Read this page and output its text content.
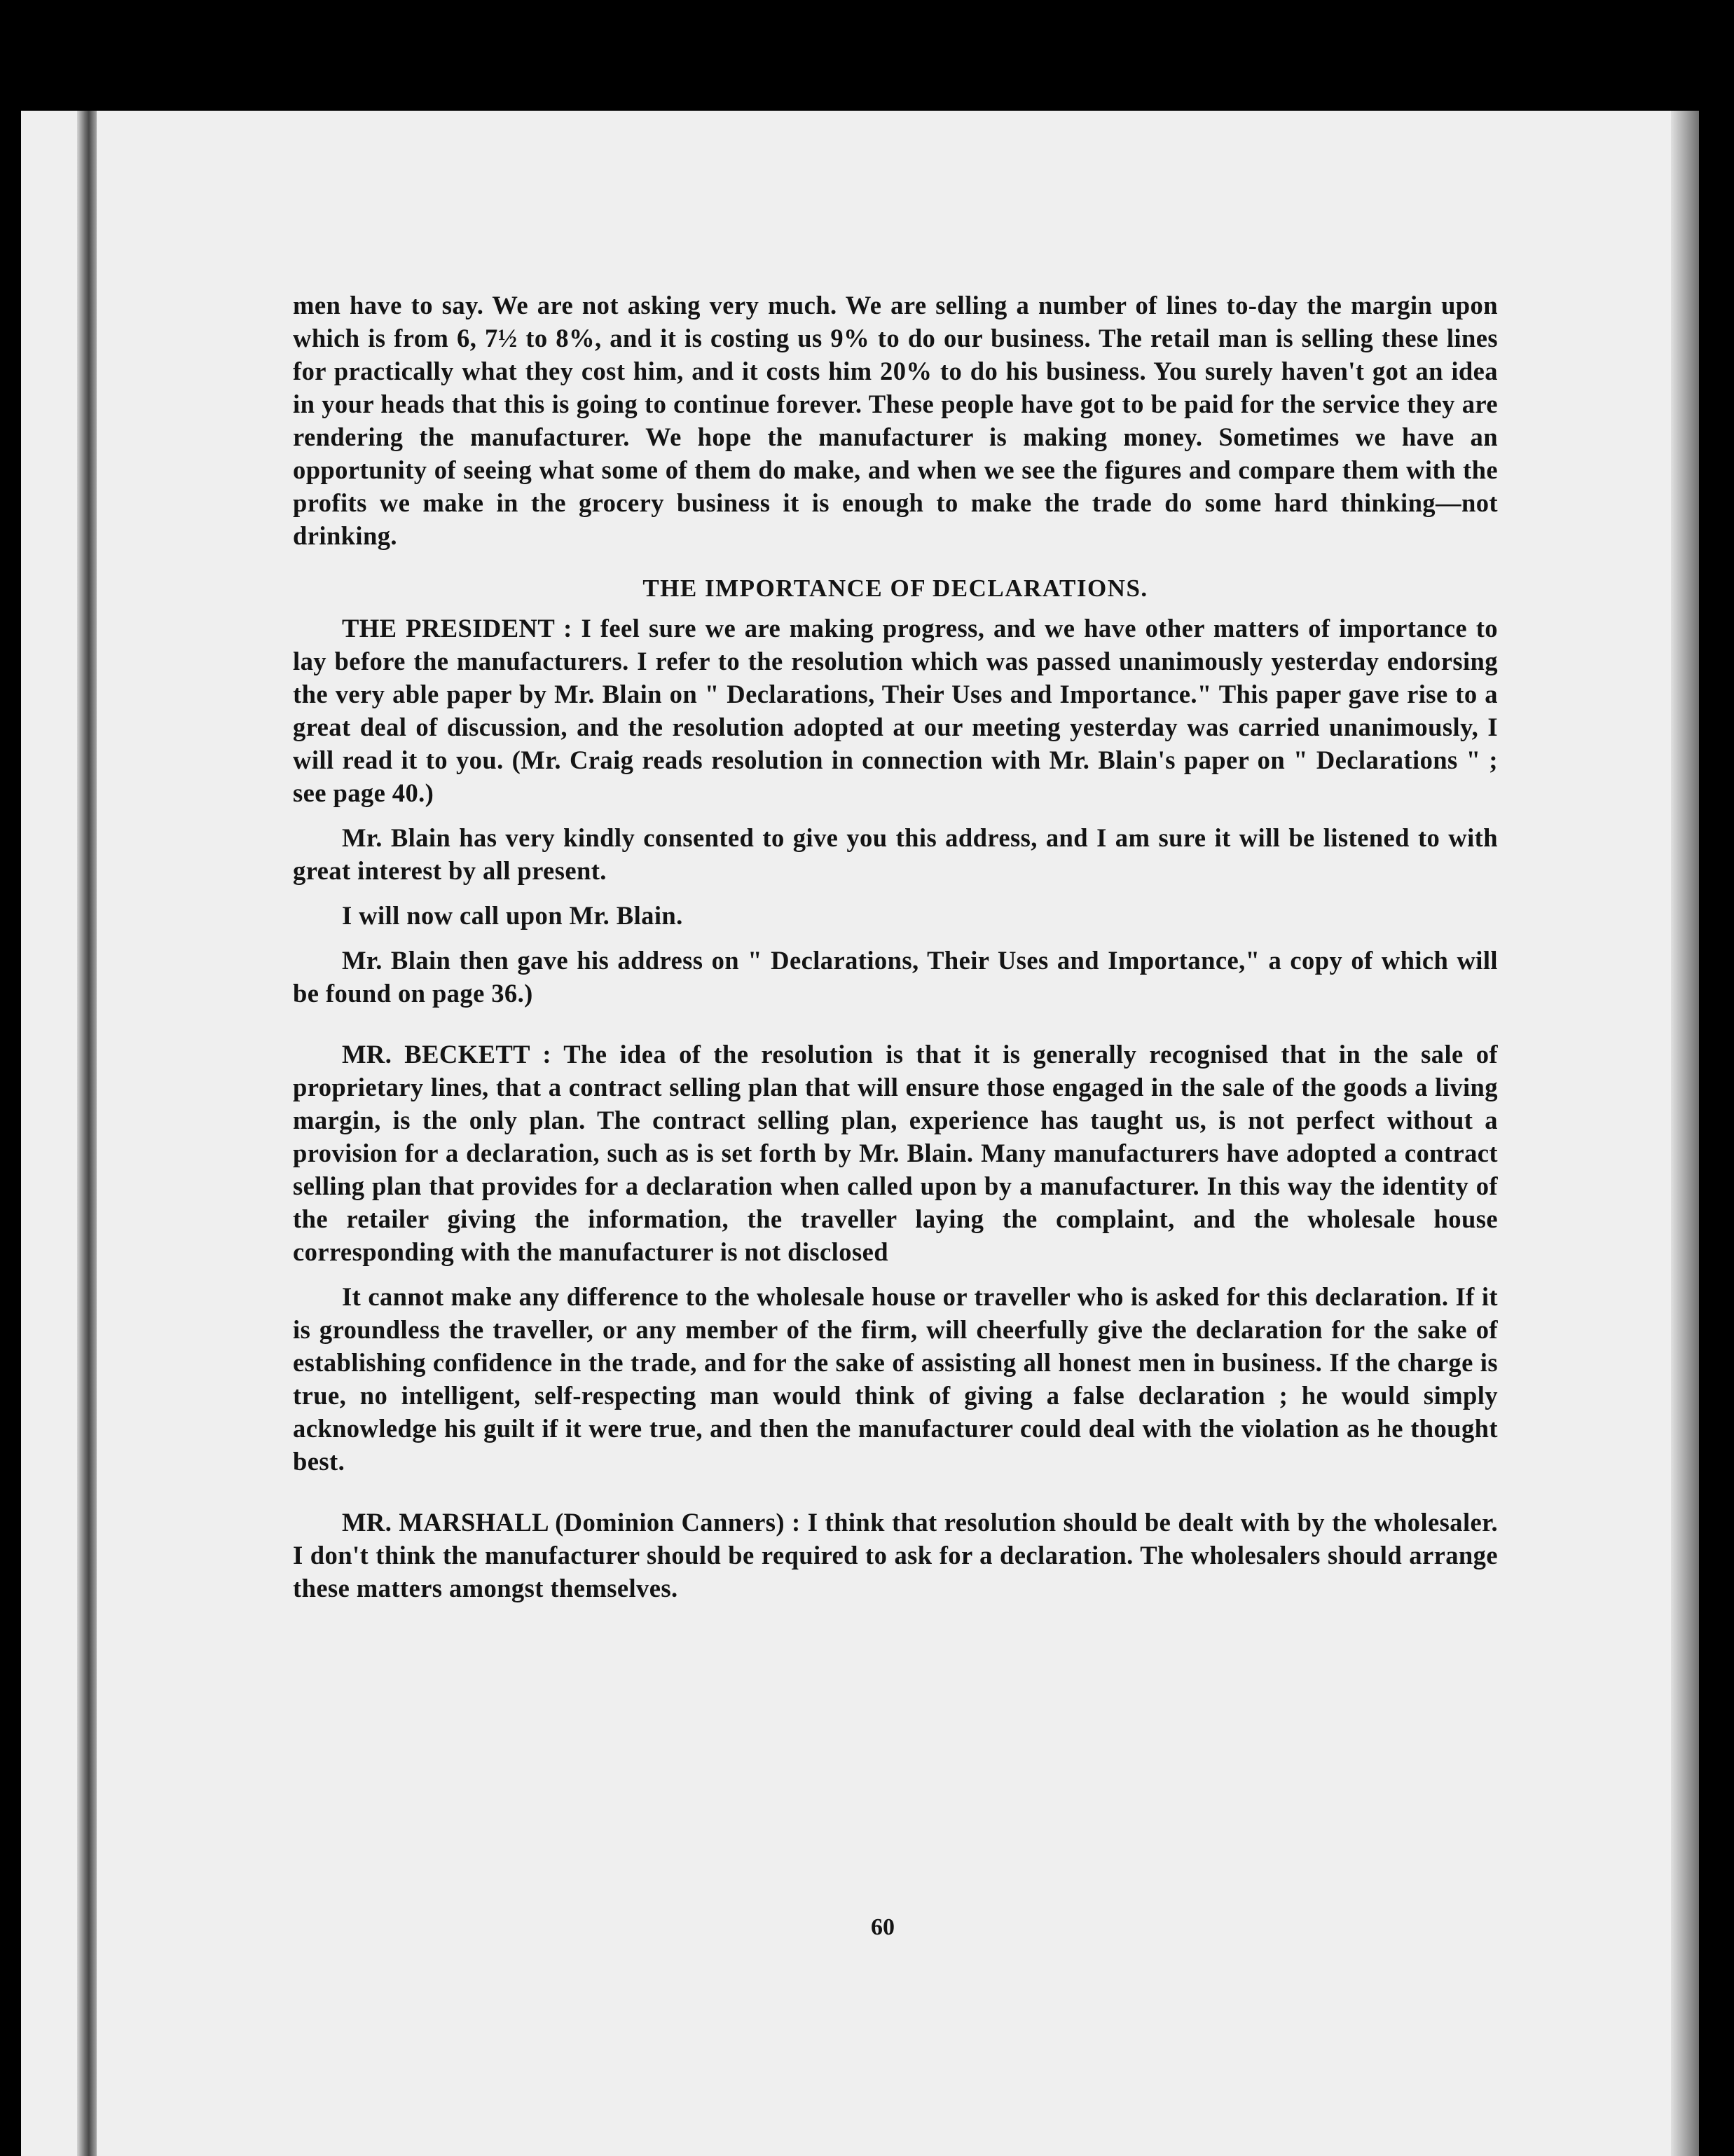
men have to say. We are not asking very much. We are selling a number of lines to-day the margin upon which is from 6, 7½ to 8%, and it is costing us 9% to do our business. The retail man is selling these lines for practically what they cost him, and it costs him 20% to do his business. You surely haven't got an idea in your heads that this is going to continue forever. These people have got to be paid for the service they are rendering the manufacturer. We hope the manufacturer is making money. Sometimes we have an opportunity of seeing what some of them do make, and when we see the figures and compare them with the profits we make in the grocery business it is enough to make the trade do some hard thinking—not drinking.

THE IMPORTANCE OF DECLARATIONS.

THE PRESIDENT : I feel sure we are making progress, and we have other matters of importance to lay before the manufacturers. I refer to the resolution which was passed unanimously yesterday endorsing the very able paper by Mr. Blain on " Declarations, Their Uses and Importance." This paper gave rise to a great deal of discussion, and the resolution adopted at our meeting yesterday was carried unanimously, I will read it to you. (Mr. Craig reads resolution in connection with Mr. Blain's paper on " Declarations " ; see page 40.)

Mr. Blain has very kindly consented to give you this address, and I am sure it will be listened to with great interest by all present.

I will now call upon Mr. Blain.

Mr. Blain then gave his address on " Declarations, Their Uses and Importance," a copy of which will be found on page 36.)

MR. BECKETT : The idea of the resolution is that it is generally recognised that in the sale of proprietary lines, that a contract selling plan that will ensure those engaged in the sale of the goods a living margin, is the only plan. The contract selling plan, experience has taught us, is not perfect without a provision for a declaration, such as is set forth by Mr. Blain. Many manufacturers have adopted a contract selling plan that provides for a declaration when called upon by a manufacturer. In this way the identity of the retailer giving the information, the traveller laying the complaint, and the wholesale house corresponding with the manufacturer is not disclosed

It cannot make any difference to the wholesale house or traveller who is asked for this declaration. If it is groundless the traveller, or any member of the firm, will cheerfully give the declaration for the sake of establishing confidence in the trade, and for the sake of assisting all honest men in business. If the charge is true, no intelligent, self-respecting man would think of giving a false declaration ; he would simply acknowledge his guilt if it were true, and then the manufacturer could deal with the violation as he thought best.

MR. MARSHALL (Dominion Canners) : I think that resolution should be dealt with by the wholesaler. I don't think the manufacturer should be required to ask for a declaration. The wholesalers should arrange these matters amongst themselves.

60
